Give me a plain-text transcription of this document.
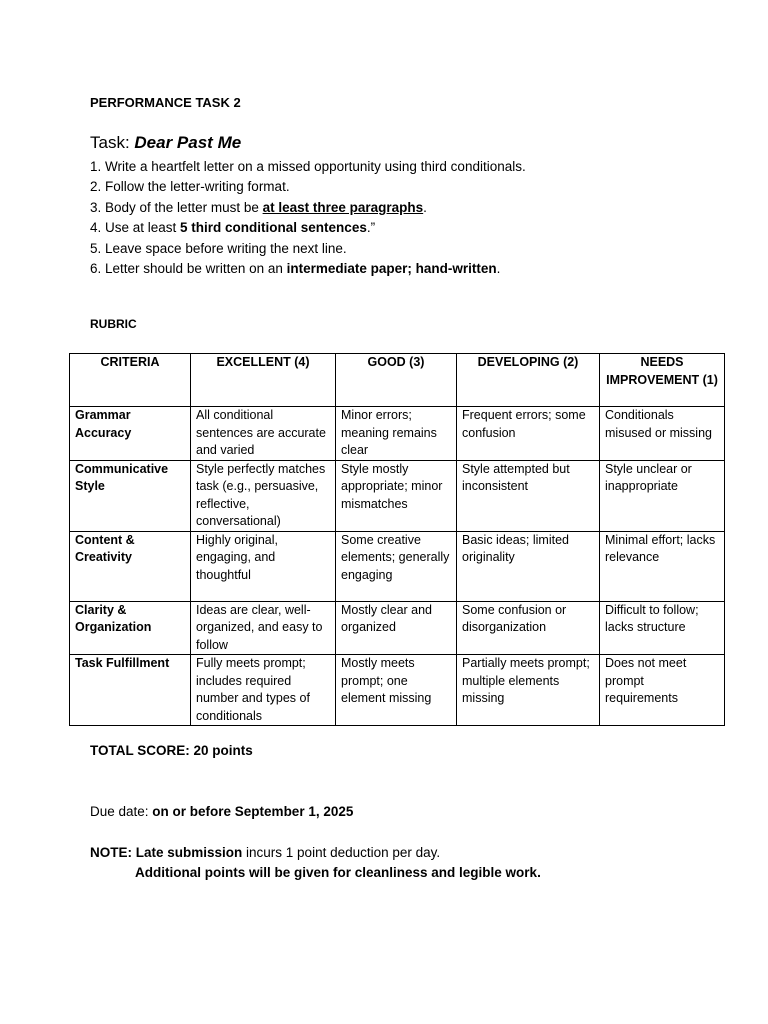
PERFORMANCE TASK 2
Task: Dear Past Me
1. Write a heartfelt letter on a missed opportunity using third conditionals.
2. Follow the letter-writing format.
3. Body of the letter must be at least three paragraphs.
4. Use at least 5 third conditional sentences.”
5. Leave space before writing the next line.
6. Letter should be written on an intermediate paper; hand-written.
RUBRIC
CRITERIA	EXCELLENT (4)	GOOD (3)	DEVELOPING (2)	NEEDS IMPROVEMENT (1)
Grammar Accuracy	All conditional sentences are accurate and varied	Minor errors; meaning remains clear	Frequent errors; some confusion	Conditionals misused or missing
Communicative Style	Style perfectly matches task (e.g., persuasive, reflective, conversational)	Style mostly appropriate; minor mismatches	Style attempted but inconsistent	Style unclear or inappropriate
Content & Creativity	Highly original, engaging, and thoughtful	Some creative elements; generally engaging	Basic ideas; limited originality	Minimal effort; lacks relevance
Clarity & Organization	Ideas are clear, well-organized, and easy to follow	Mostly clear and organized	Some confusion or disorganization	Difficult to follow; lacks structure
Task Fulfillment	Fully meets prompt; includes required number and types of conditionals	Mostly meets prompt; one element missing	Partially meets prompt; multiple elements missing	Does not meet prompt requirements
TOTAL SCORE: 20 points
Due date: on or before September 1, 2025
NOTE: Late submission incurs 1 point deduction per day.
Additional points will be given for cleanliness and legible work.
